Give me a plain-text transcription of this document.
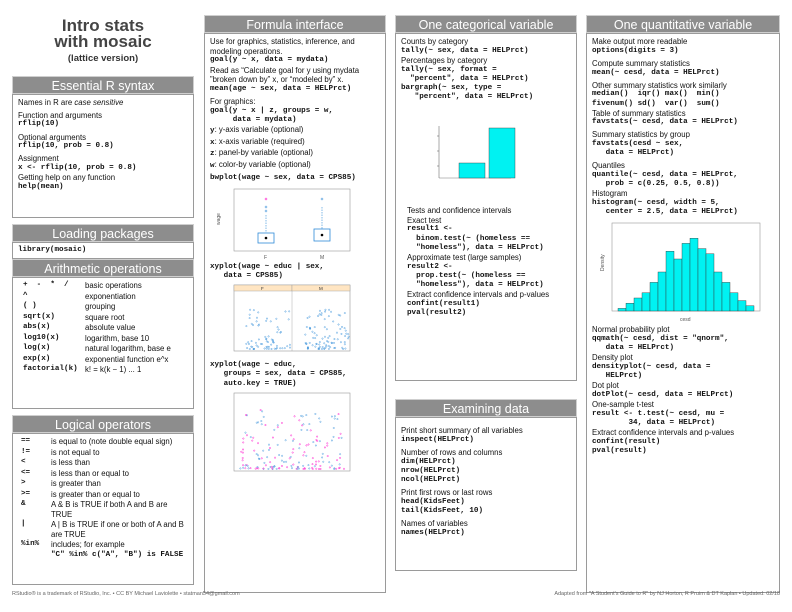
Intro stats
with mosaic
(lattice version)
Essential R syntax
Names in R are case sensitive
Function and arguments
rflip(10)
Optional arguments
rflip(10, prob = 0.8)
Assignment
x <- rflip(10, prob = 0.8)
Getting help on any function
help(mean)
Loading packages
library(mosaic)
Arithmetic operations
+  -  *  /	basic operations
^	exponentiation
( )	grouping
sqrt(x)	square root
abs(x)	absolute value
log10(x)	logarithm, base 10
log(x)	natural logarithm, base e
exp(x)	exponential function e^x
factorial(k)	k! = k(k − 1) ... 1
Logical operators
==	is equal to (note double equal sign)
!=	is not equal to
<	is less than
<=	is less than or equal to
>	is greater than
>=	is greater than or equal to
&	A & B is TRUE if both A and B are TRUE
|	A | B is TRUE if one or both of A and B are TRUE
%in%	includes; for example
"C" %in% c("A", "B") is FALSE
Formula interface
Use for graphics, statistics, inference, and modeling operations.
goal(y ~ x, data = mydata)
Read as “Calculate goal for y using mydata ”broken down by” x, or “modeled by” x.
mean(age ~ sex, data = HELPrct)
For graphics:
goal(y ~ x | z, groups = w,
data = mydata)
y: y-axis variable (optional)
x: x-axis variable (required)
z: panel-by variable (optional)
w: color-by variable (optional)
bwplot(wage ~ sex, data = CPS85)
wage
F	M
xyplot(wage ~ educ | sex,
data = CPS85)
F	M
xyplot(wage ~ educ,
groups = sex, data = CPS85,
auto.key = TRUE)
One categorical variable
Counts by category
tally(~ sex, data = HELPrct)
Percentages by category
tally(~ sex, format =
"percent", data = HELPrct)
bargraph(~ sex, type =
"percent", data = HELPrct)
Tests and confidence intervals
Exact test
result1 <-
binom.test(~ (homeless ==
"homeless"), data = HELPrct)
Approximate test (large samples)
result2 <-
prop.test(~ (homeless ==
"homeless"), data = HELPrct)
Extract confidence intervals and p-values
confint(result1)
pval(result2)
Examining data
Print short summary of all variables
inspect(HELPrct)
Number of rows and columns
dim(HELPrct)
nrow(HELPrct)
ncol(HELPrct)
Print first rows or last rows
head(KidsFeet)
tail(KidsFeet, 10)
Names of variables
names(HELPrct)
One quantitative variable
Make output more readable
options(digits = 3)
Compute summary statistics
mean(~ cesd, data = HELPrct)
Other summary statistics work similarly
median()  iqr() max()  min()
fivenum() sd()  var()  sum()
Table of summary statistics
favstats(~ cesd, data = HELPrct)
Summary statistics by group
favstats(cesd ~ sex,
data = HELPrct)
Quantiles
quantile(~ cesd, data = HELPrct,
prob = c(0.25, 0.5, 0.8))
Histogram
histogram(~ cesd, width = 5,
center = 2.5, data = HELPrct)
Density
cesd
Normal probability plot
qqmath(~ cesd, dist = "qnorm",
data = HELPrct)
Density plot
densityplot(~ cesd, data =
HELPrct)
Dot plot
dotPlot(~ cesd, data = HELPrct)
One-sample t-test
result <- t.test(~ cesd, mu =
34, data = HELPrct)
Extract confidence intervals and p-values
confint(result)
pval(result)
RStudio® is a trademark of RStudio, Inc. • CC BY Michael Laviolette • statman54@gmail.com	Adapted from "A Student's Guide to R" by NJ Horton, R Pruim & DT Kaplan • Updated: 02/18
